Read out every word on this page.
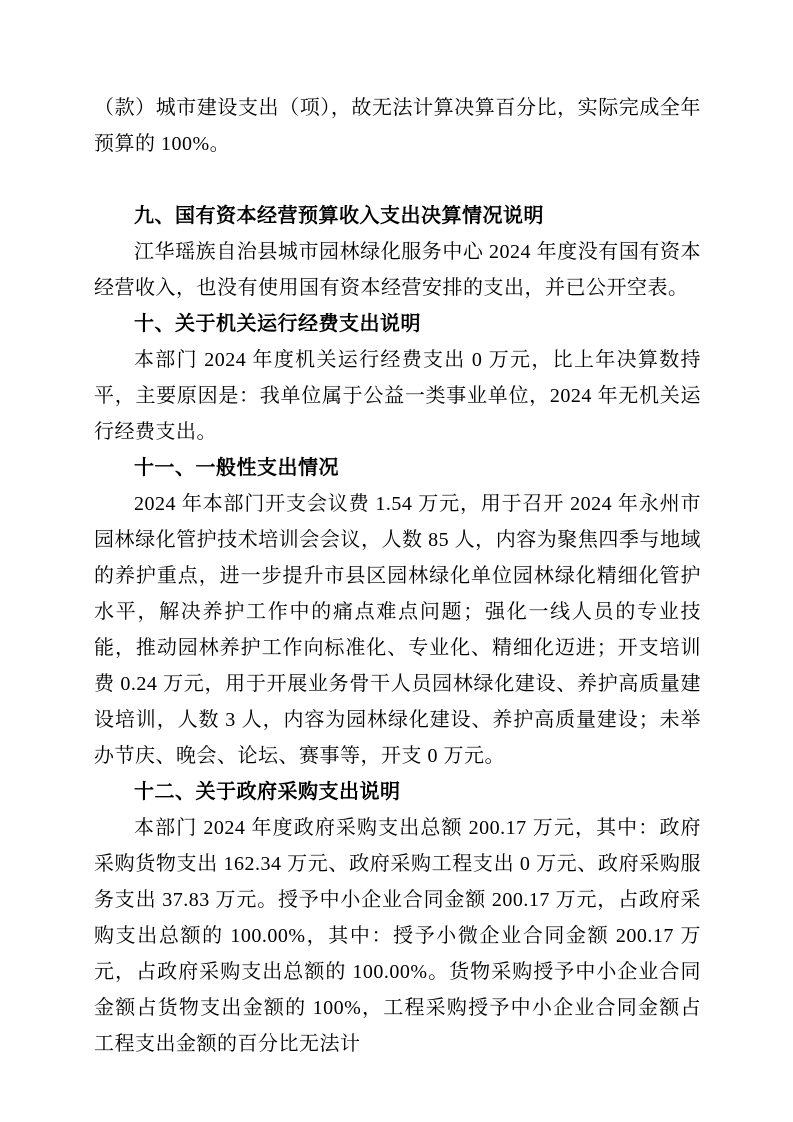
（款）城市建设支出（项），故无法计算决算百分比，实际完成全年预算的 100%。

九、国有资本经营预算收入支出决算情况说明

江华瑶族自治县城市园林绿化服务中心 2024 年度没有国有资本经营收入，也没有使用国有资本经营安排的支出，并已公开空表。

十、关于机关运行经费支出说明

本部门 2024 年度机关运行经费支出 0 万元，比上年决算数持平，主要原因是：我单位属于公益一类事业单位，2024 年无机关运行经费支出。

十一、一般性支出情况

2024 年本部门开支会议费 1.54 万元，用于召开 2024 年永州市园林绿化管护技术培训会会议，人数 85 人，内容为聚焦四季与地域的养护重点，进一步提升市县区园林绿化单位园林绿化精细化管护水平，解决养护工作中的痛点难点问题；强化一线人员的专业技能，推动园林养护工作向标准化、专业化、精细化迈进；开支培训费 0.24 万元，用于开展业务骨干人员园林绿化建设、养护高质量建设培训，人数 3 人，内容为园林绿化建设、养护高质量建设；未举办节庆、晚会、论坛、赛事等，开支 0 万元。

十二、关于政府采购支出说明

本部门 2024 年度政府采购支出总额 200.17 万元，其中：政府采购货物支出 162.34 万元、政府采购工程支出 0 万元、政府采购服务支出 37.83 万元。授予中小企业合同金额 200.17 万元，占政府采购支出总额的 100.00%，其中：授予小微企业合同金额 200.17 万元，占政府采购支出总额的 100.00%。货物采购授予中小企业合同金额占货物支出金额的 100%，工程采购授予中小企业合同金额占工程支出金额的百分比无法计
